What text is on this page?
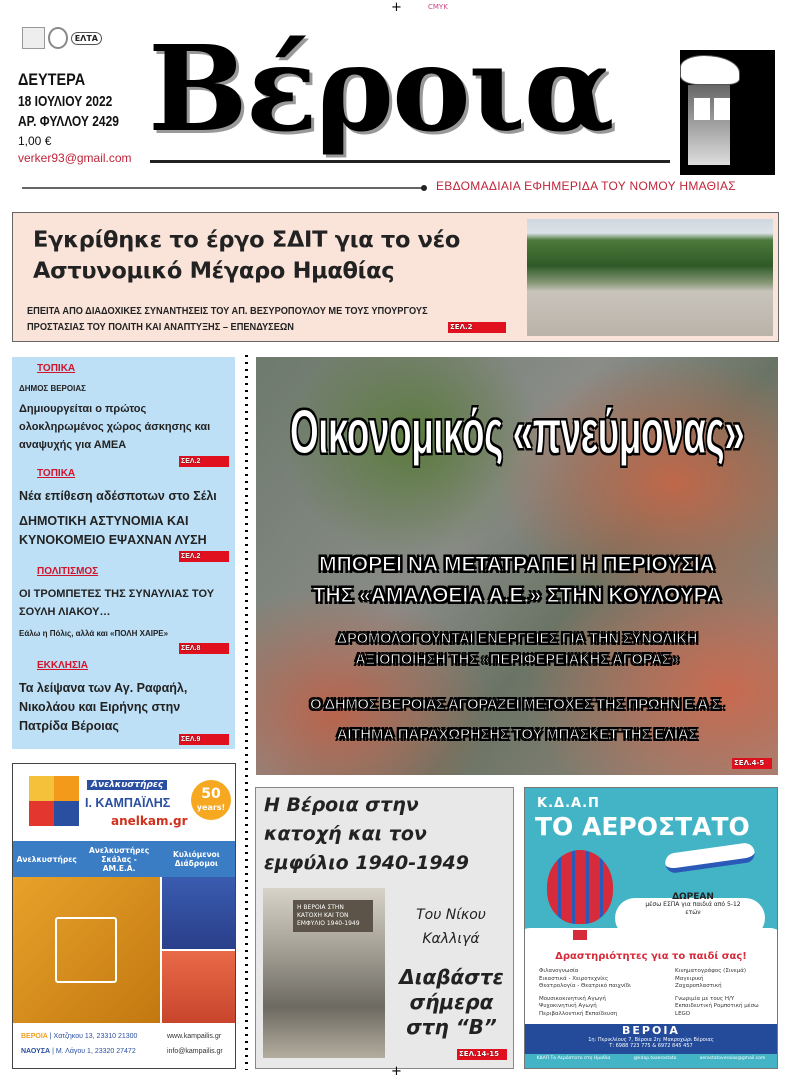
+	CMYK
ΕΛΤΑ
ΔΕΥΤΕΡΑ
18 ΙΟΥΛΙΟΥ 2022
ΑΡ. ΦΥΛΛΟΥ 2429
1,00 €
verker93@gmail.com Βέροια
ΕΒΔΟΜΑΔΙΑΙΑ ΕΦΗΜΕΡΙΔΑ ΤΟΥ ΝΟΜΟΥ ΗΜΑΘΙΑΣ
Εγκρίθηκε το έργο ΣΔΙΤ για το νέο
Αστυνομικό Μέγαρο Ημαθίας
ΕΠΕΙΤΑ ΑΠΟ ΔΙΑΔΟΧΙΚΕΣ ΣΥΝΑΝΤΗΣΕΙΣ ΤΟΥ ΑΠ. ΒΕΣΥΡΟΠΟΥΛΟΥ ΜΕ ΤΟΥΣ ΥΠΟΥΡΓΟΥΣ
ΠΡΟΣΤΑΣΙΑΣ ΤΟΥ ΠΟΛΙΤΗ ΚΑΙ ΑΝΑΠΤΥΞΗΣ – ΕΠΕΝΔΥΣΕΩΝ	ΣΕΛ.2
ΤΟΠΙΚΑ
ΔΗΜΟΣ ΒΕΡΟΙΑΣ
Δημιουργείται ο πρώτος ολοκληρωμένος χώρος άσκησης και αναψυχής για ΑΜΕΑ
ΣΕΛ.2
ΤΟΠΙΚΑ
Νέα επίθεση αδέσποτων στο Σέλι
ΔΗΜΟΤΙΚΗ ΑΣΤΥΝΟΜΙΑ ΚΑΙ ΚΥΝΟΚΟΜΕΙΟ ΕΨΑΧΝΑΝ ΛΥΣΗ
ΣΕΛ.2
ΠΟΛΙΤΙΣΜΟΣ
ΟΙ ΤΡΟΜΠΕΤΕΣ ΤΗΣ ΣΥΝΑΥΛΙΑΣ ΤΟΥ ΣΟΥΛΗ ΛΙΑΚΟΥ…
Εάλω η Πόλις, αλλά και «ΠΟΛΗ ΧΑΙΡΕ»
ΣΕΛ.8
ΕΚΚΛΗΣΙΑ
Τα λείψανα των Αγ. Ραφαήλ, Νικολάου και Ειρήνης στην Πατρίδα Βέροιας
ΣΕΛ.9
Οικονομικός «πνεύμονας»
ΜΠΟΡΕΙ ΝΑ ΜΕΤΑΤΡΑΠΕΙ Η ΠΕΡΙΟΥΣΙΑ
ΤΗΣ «ΑΜΑΛΘΕΙΑ Α.Ε.» ΣΤΗΝ ΚΟΥΛΟΥΡΑ
ΔΡΟΜΟΛΟΓΟΥΝΤΑΙ ΕΝΕΡΓΕΙΕΣ ΓΙΑ ΤΗΝ ΣΥΝΟΛΙΚΗ
ΑΞΙΟΠΟΙΗΣΗ ΤΗΣ «ΠΕΡΙΦΕΡΕΙΑΚΗΣ ΑΓΟΡΑΣ»
Ο ΔΗΜΟΣ ΒΕΡΟΙΑΣ ΑΓΟΡΑΖΕΙ ΜΕΤΟΧΕΣ ΤΗΣ ΠΡΩΗΝ Ε.Α.Σ.
ΑΙΤΗΜΑ ΠΑΡΑΧΩΡΗΣΗΣ ΤΟΥ ΜΠΑΣΚΕΤ ΤΗΣ ΕΛΙΑΣ
ΣΕΛ.4-5
Ανελκυστήρες
Ι. ΚΑΜΠΑΪΛΗΣ
anelkam.gr
50
years!
Ανελκυστήρες
Ανελκυστήρες Σκάλας - ΑΜ.Ε.Α.
Κυλιόμενοι Διάδρομοι
ΒΕΡΟΙΑ | Χατζηκου 13, 23310 21300
ΝΑΟΥΣΑ | Μ. Λάγου 1, 23320 27472
www.kampailis.gr
info@kampailis.gr
Η Βέροια στην
κατοχή και τον
εμφύλιο 1940-1949
Η ΒΕΡΟΙΑ ΣΤΗΝ ΚΑΤΟΧΗ ΚΑΙ ΤΟΝ ΕΜΦΥΛΙΟ 1940-1949
Του Νίκου
Καλλιγά
Διαβάστε
σήμερα
στη “Β”
ΣΕΛ.14-15
Κ.Δ.Α.Π
ΤΟ ΑΕΡΟΣΤΑΤΟ
ΔΩΡΕΑΝ
μέσω ΕΣΠΑ για παιδιά από 5-12 ετών
Δραστηριότητες για το παιδί σας!
Φιλανογνωσία
Εικαστικά - Χειροτεχνίες
Θεατρολογία - Θεατρικό παιχνίδι
Μουσικοκινητική Αγωγή
Ψυχοκινητική Αγωγή
Περιβαλλοντική Εκπαίδευση
Κινηματογράφος (Σινεμά)
Μαγειρική
Ζαχαροπλαστική
Γνωριμία με τους Η/Υ
Εκπαιδευτική Ρομποτική μέσω LEGO
ΒΕΡΟΙΑ
1η: Περικλέους 7, Βέροια 2η: Μακροχώρι Βέροιας
Τ: 6988 723 775 & 6972 845 457
ΚΔΑΠ Το Αερόστατο στη Ημαθία	@kdap.toaerostato	aerostatoveroias@gmail.com
+
